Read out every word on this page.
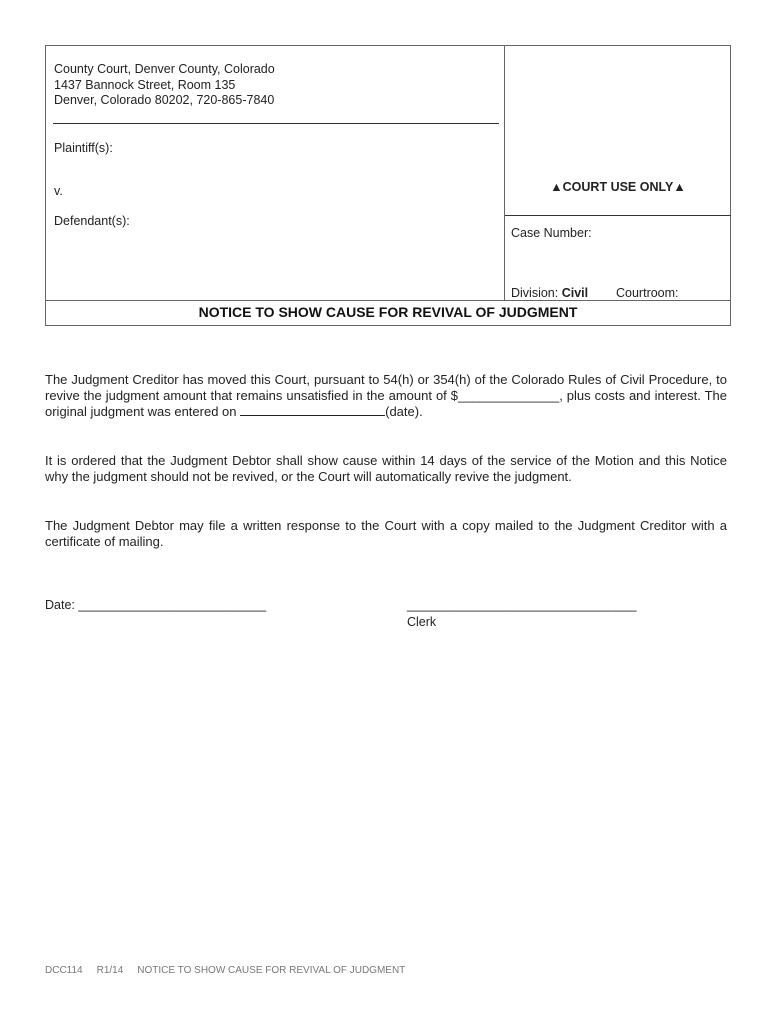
County Court, Denver County, Colorado
1437 Bannock Street, Room 135
Denver, Colorado 80202, 720-865-7840
Plaintiff(s):
v.
Defendant(s):
▲COURT USE ONLY▲
Case Number:
Division: Civil Courtroom:
NOTICE TO SHOW CAUSE FOR REVIVAL OF JUDGMENT
The Judgment Creditor has moved this Court, pursuant to 54(h) or 354(h) of the Colorado Rules of Civil Procedure, to revive the judgment amount that remains unsatisfied in the amount of $______________, plus costs and interest. The original judgment was entered on	(date).
It is ordered that the Judgment Debtor shall show cause within 14 days of the service of the Motion and this Notice why the judgment should not be revived, or the Court will automatically revive the judgment.
The Judgment Debtor may file a written response to the Court with a copy mailed to the Judgment Creditor with a certificate of mailing.
Date: ___________________________	_________________________________
Clerk
DCC114 R1/14 NOTICE TO SHOW CAUSE FOR REVIVAL OF JUDGMENT
